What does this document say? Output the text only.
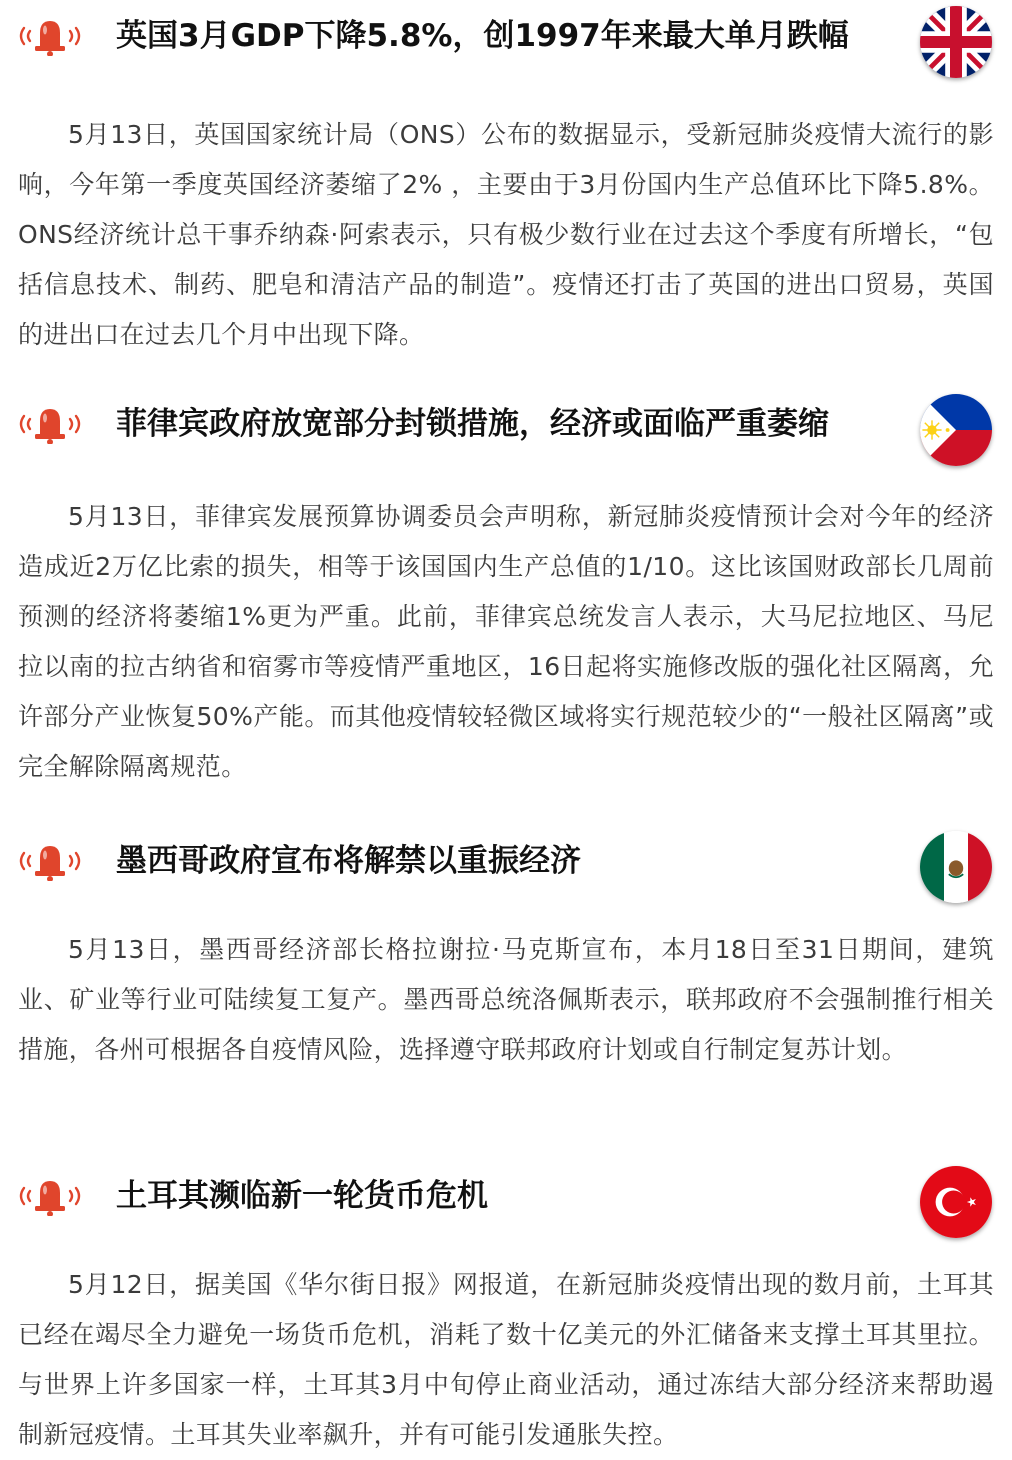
英国3月GDP下降5.8%，创1997年来最大单月跌幅
5月13日，英国国家统计局（ONS）公布的数据显示，受新冠肺炎疫情大流行的影响，今年第一季度英国经济萎缩了2% ，主要由于3月份国内生产总值环比下降5.8%。ONS经济统计总干事乔纳森·阿索表示，只有极少数行业在过去这个季度有所增长，“包括信息技术、制药、肥皂和清洁产品的制造”。疫情还打击了英国的进出口贸易，英国的进出口在过去几个月中出现下降。
菲律宾政府放宽部分封锁措施，经济或面临严重萎缩
5月13日，菲律宾发展预算协调委员会声明称，新冠肺炎疫情预计会对今年的经济造成近2万亿比索的损失，相等于该国国内生产总值的1/10。这比该国财政部长几周前预测的经济将萎缩1%更为严重。此前，菲律宾总统发言人表示，大马尼拉地区、马尼拉以南的拉古纳省和宿雾市等疫情严重地区，16日起将实施修改版的强化社区隔离，允许部分产业恢复50%产能。而其他疫情较轻微区域将实行规范较少的“一般社区隔离”或完全解除隔离规范。
墨西哥政府宣布将解禁以重振经济
5月13日，墨西哥经济部长格拉谢拉·马克斯宣布，本月18日至31日期间，建筑业、矿业等行业可陆续复工复产。墨西哥总统洛佩斯表示，联邦政府不会强制推行相关措施，各州可根据各自疫情风险，选择遵守联邦政府计划或自行制定复苏计划。
土耳其濒临新一轮货币危机
5月12日，据美国《华尔街日报》网报道，在新冠肺炎疫情出现的数月前，土耳其已经在竭尽全力避免一场货币危机，消耗了数十亿美元的外汇储备来支撑土耳其里拉。与世界上许多国家一样，土耳其3月中旬停止商业活动，通过冻结大部分经济来帮助遏制新冠疫情。土耳其失业率飙升，并有可能引发通胀失控。
